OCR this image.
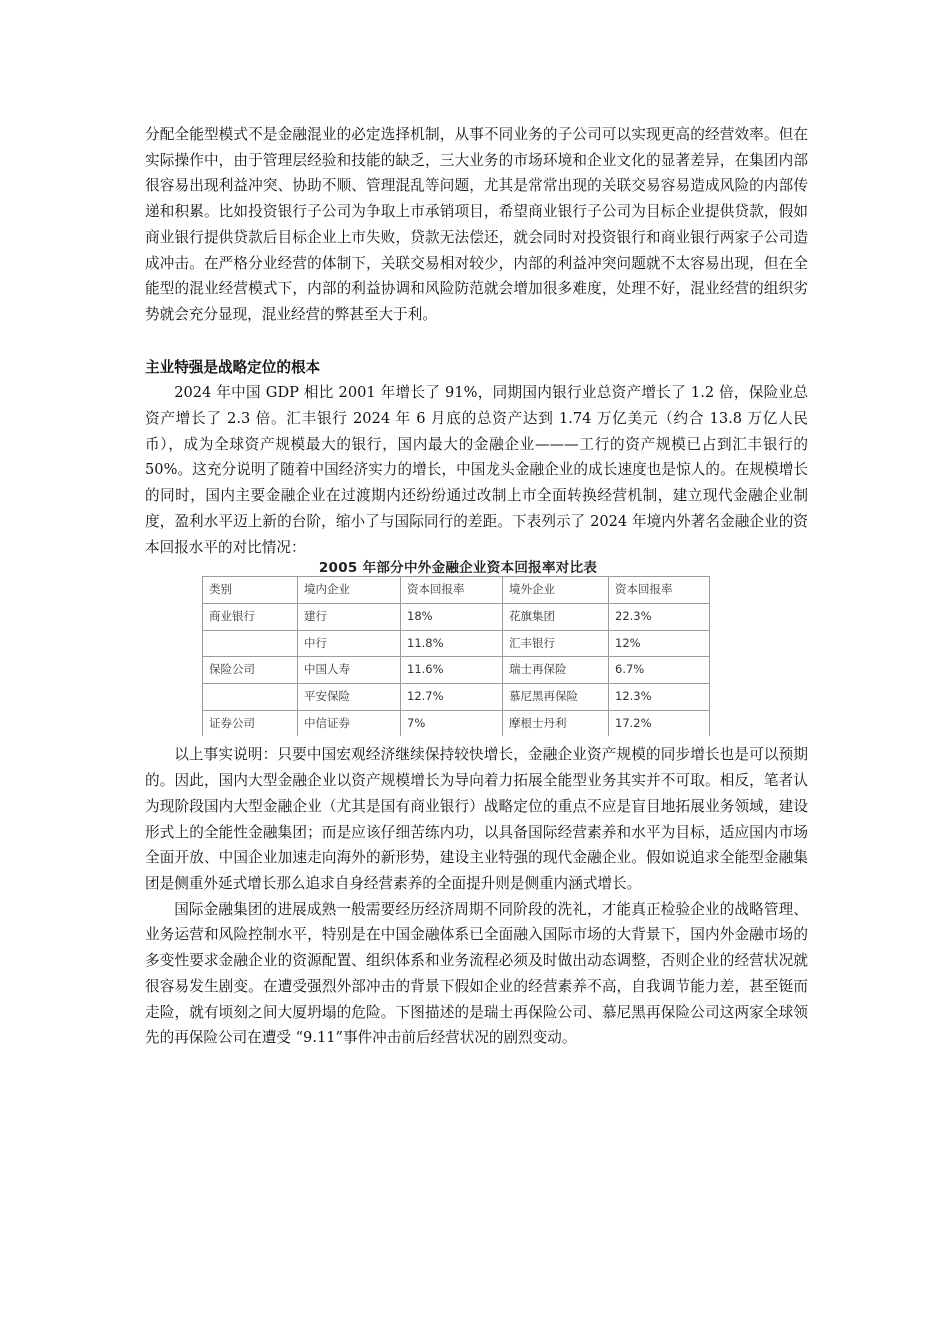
分配全能型模式不是金融混业的必定选择机制，从事不同业务的子公司可以实现更高的经营效率。但在实际操作中，由于管理层经验和技能的缺乏，三大业务的市场环境和企业文化的显著差异，在集团内部很容易出现利益冲突、协助不顺、管理混乱等问题，尤其是常常出现的关联交易容易造成风险的内部传递和积累。比如投资银行子公司为争取上市承销项目，希望商业银行子公司为目标企业提供贷款，假如商业银行提供贷款后目标企业上市失败，贷款无法偿还，就会同时对投资银行和商业银行两家子公司造成冲击。在严格分业经营的体制下，关联交易相对较少，内部的利益冲突问题就不太容易出现，但在全能型的混业经营模式下，内部的利益协调和风险防范就会增加很多难度，处理不好，混业经营的组织劣势就会充分显现，混业经营的弊甚至大于利。

主业特强是战略定位的根本

2024 年中国 GDP 相比 2001 年增长了 91%，同期国内银行业总资产增长了 1.2 倍，保险业总资产增长了 2.3 倍。汇丰银行 2024 年 6 月底的总资产达到 1.74 万亿美元（约合 13.8 万亿人民币），成为全球资产规模最大的银行，国内最大的金融企业———工行的资产规模已占到汇丰银行的 50%。这充分说明了随着中国经济实力的增长，中国龙头金融企业的成长速度也是惊人的。在规模增长的同时，国内主要金融企业在过渡期内还纷纷通过改制上市全面转换经营机制，建立现代金融企业制度，盈利水平迈上新的台阶，缩小了与国际同行的差距。下表列示了 2024 年境内外著名金融企业的资本回报水平的对比情况：

2005 年部分中外金融企业资本回报率对比表
类别	境内企业	资本回报率	境外企业	资本回报率
商业银行	建行	18%	花旗集团	22.3%
	中行	11.8%	汇丰银行	12%
保险公司	中国人寿	11.6%	瑞士再保险	6.7%
	平安保险	12.7%	慕尼黑再保险	12.3%
证券公司	中信证券	7%	摩根士丹利	17.2%

以上事实说明：只要中国宏观经济继续保持较快增长，金融企业资产规模的同步增长也是可以预期的。因此，国内大型金融企业以资产规模增长为导向着力拓展全能型业务其实并不可取。相反，笔者认为现阶段国内大型金融企业（尤其是国有商业银行）战略定位的重点不应是盲目地拓展业务领域，建设形式上的全能性金融集团；而是应该仔细苦练内功，以具备国际经营素养和水平为目标，适应国内市场全面开放、中国企业加速走向海外的新形势，建设主业特强的现代金融企业。假如说追求全能型金融集团是侧重外延式增长那么追求自身经营素养的全面提升则是侧重内涵式增长。

国际金融集团的进展成熟一般需要经历经济周期不同阶段的洗礼，才能真正检验企业的战略管理、业务运营和风险控制水平，特别是在中国金融体系已全面融入国际市场的大背景下，国内外金融市场的多变性要求金融企业的资源配置、组织体系和业务流程必须及时做出动态调整，否则企业的经营状况就很容易发生剧变。在遭受强烈外部冲击的背景下假如企业的经营素养不高，自我调节能力差，甚至铤而走险，就有顷刻之间大厦坍塌的危险。下图描述的是瑞士再保险公司、慕尼黑再保险公司这两家全球领先的再保险公司在遭受 “9.11”事件冲击前后经营状况的剧烈变动。
